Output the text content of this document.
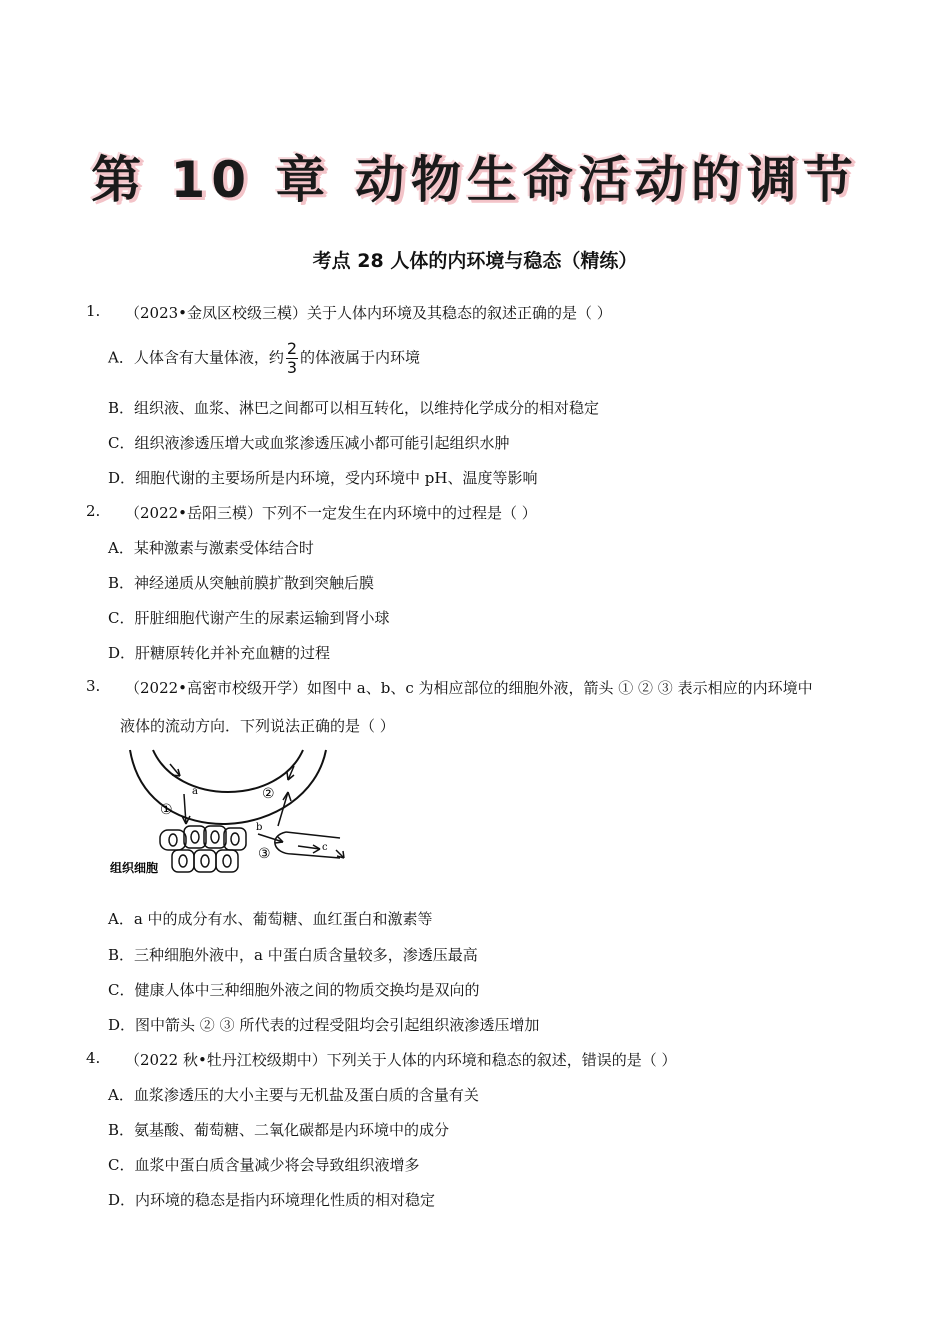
第 10 章 动物生命活动的调节
考点 28 人体的内环境与稳态（精练）
1. （2023•金凤区校级三模）关于人体内环境及其稳态的叙述正确的是（ ）
A．人体含有大量体液，约 $\frac{2}{3}$ 的体液属于内环境
B．组织液、血浆、淋巴之间都可以相互转化，以维持化学成分的相对稳定
C．组织液渗透压增大或血浆渗透压减小都可能引起组织水肿
D．细胞代谢的主要场所是内环境，受内环境中 pH、温度等影响
2. （2022•岳阳三模）下列不一定发生在内环境中的过程是（ ）
A．某种激素与激素受体结合时
B．神经递质从突触前膜扩散到突触后膜
C．肝脏细胞代谢产生的尿素运输到肾小球
D．肝糖原转化并补充血糖的过程
3. （2022•高密市校级开学）如图中 a、b、c 为相应部位的细胞外液，箭头 ① ② ③ 表示相应的内环境中
液体的流动方向．下列说法正确的是（ ）
a
①
②
b
c
③
组织细胞
A．a 中的成分有水、葡萄糖、血红蛋白和激素等
B．三种细胞外液中，a 中蛋白质含量较多，渗透压最高
C．健康人体中三种细胞外液之间的物质交换均是双向的
D．图中箭头 ② ③ 所代表的过程受阻均会引起组织液渗透压增加
4. （2022 秋•牡丹江校级期中）下列关于人体的内环境和稳态的叙述，错误的是（ ）
A．血浆渗透压的大小主要与无机盐及蛋白质的含量有关
B．氨基酸、葡萄糖、二氧化碳都是内环境中的成分
C．血浆中蛋白质含量减少将会导致组织液增多
D．内环境的稳态是指内环境理化性质的相对稳定
